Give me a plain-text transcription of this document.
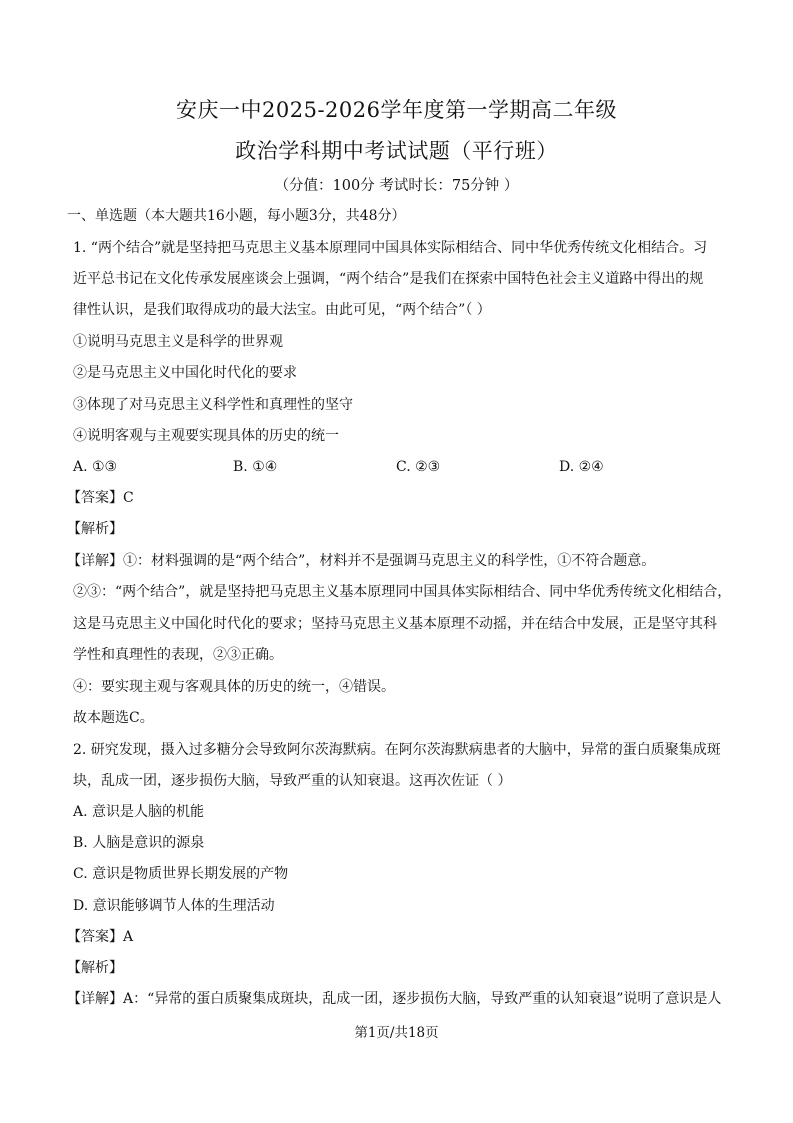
安庆一中2025-2026学年度第一学期高二年级
政治学科期中考试试题（平行班）
（分值：100分 考试时长：75分钟 ）
一、单选题（本大题共16小题，每小题3分，共48分）
1. “两个结合”就是坚持把马克思主义基本原理同中国具体实际相结合、同中华优秀传统文化相结合。习
近平总书记在文化传承发展座谈会上强调，“两个结合”是我们在探索中国特色社会主义道路中得出的规
律性认识，是我们取得成功的最大法宝。由此可见，“两个结合”（ ）
①说明马克思主义是科学的世界观
②是马克思主义中国化时代化的要求
③体现了对马克思主义科学性和真理性的坚守
④说明客观与主观要实现具体的历史的统一
A. ①③	B. ①④	C. ②③	D. ②④
【答案】C
【解析】
【详解】①：材料强调的是“两个结合”，材料并不是强调马克思主义的科学性，①不符合题意。
②③：“两个结合”，就是坚持把马克思主义基本原理同中国具体实际相结合、同中华优秀传统文化相结合，
这是马克思主义中国化时代化的要求；坚持马克思主义基本原理不动摇，并在结合中发展，正是坚守其科
学性和真理性的表现，②③正确。
④：要实现主观与客观具体的历史的统一，④错误。
故本题选C。
2. 研究发现，摄入过多糖分会导致阿尔茨海默病。在阿尔茨海默病患者的大脑中，异常的蛋白质聚集成斑
块，乱成一团，逐步损伤大脑，导致严重的认知衰退。这再次佐证（ ）
A. 意识是人脑的机能
B. 人脑是意识的源泉
C. 意识是物质世界长期发展的产物
D. 意识能够调节人体的生理活动
【答案】A
【解析】
【详解】A：“异常的蛋白质聚集成斑块，乱成一团，逐步损伤大脑，导致严重的认知衰退”说明了意识是人
第1页/共18页
